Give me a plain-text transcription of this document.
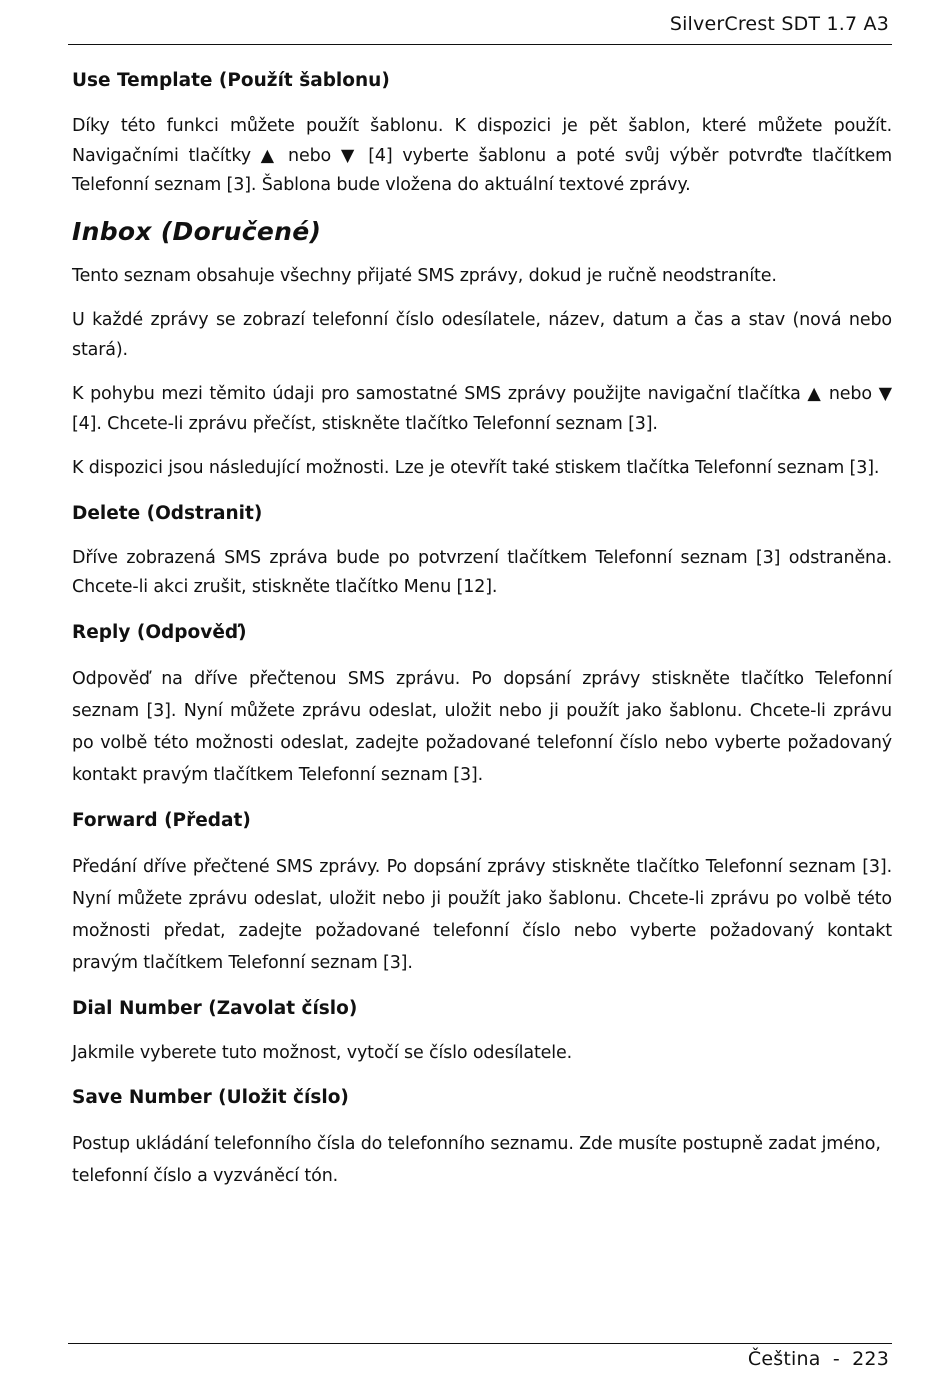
SilverCrest SDT 1.7 A3
Use Template (Použít šablonu)

Díky této funkci můžete použít šablonu. K dispozici je pět šablon, které můžete použít. Navigačními tlačítky ▲ nebo ▼ [4] vyberte šablonu a poté svůj výběr potvrďte tlačítkem Telefonní seznam [3]. Šablona bude vložena do aktuální textové zprávy.

Inbox (Doručené)

Tento seznam obsahuje všechny přijaté SMS zprávy, dokud je ručně neodstraníte.

U každé zprávy se zobrazí telefonní číslo odesílatele, název, datum a čas a stav (nová nebo stará).

K pohybu mezi těmito údaji pro samostatné SMS zprávy použijte navigační tlačítka ▲ nebo ▼ [4]. Chcete-li zprávu přečíst, stiskněte tlačítko Telefonní seznam [3].

K dispozici jsou následující možnosti. Lze je otevřít také stiskem tlačítka Telefonní seznam [3].

Delete (Odstranit)

Dříve zobrazená SMS zpráva bude po potvrzení tlačítkem Telefonní seznam [3] odstraněna. Chcete-li akci zrušit, stiskněte tlačítko Menu [12].

Reply (Odpověď)

Odpověď na dříve přečtenou SMS zprávu. Po dopsání zprávy stiskněte tlačítko Telefonní seznam [3]. Nyní můžete zprávu odeslat, uložit nebo ji použít jako šablonu. Chcete-li zprávu po volbě této možnosti odeslat, zadejte požadované telefonní číslo nebo vyberte požadovaný kontakt pravým tlačítkem Telefonní seznam [3].

Forward (Předat)

Předání dříve přečtené SMS zprávy. Po dopsání zprávy stiskněte tlačítko Telefonní seznam [3]. Nyní můžete zprávu odeslat, uložit nebo ji použít jako šablonu. Chcete-li zprávu po volbě této možnosti předat, zadejte požadované telefonní číslo nebo vyberte požadovaný kontakt pravým tlačítkem Telefonní seznam [3].

Dial Number (Zavolat číslo)

Jakmile vyberete tuto možnost, vytočí se číslo odesílatele.

Save Number (Uložit číslo)

Postup ukládání telefonního čísla do telefonního seznamu. Zde musíte postupně zadat jméno, telefonní číslo a vyzváněcí tón.

Čeština - 223
